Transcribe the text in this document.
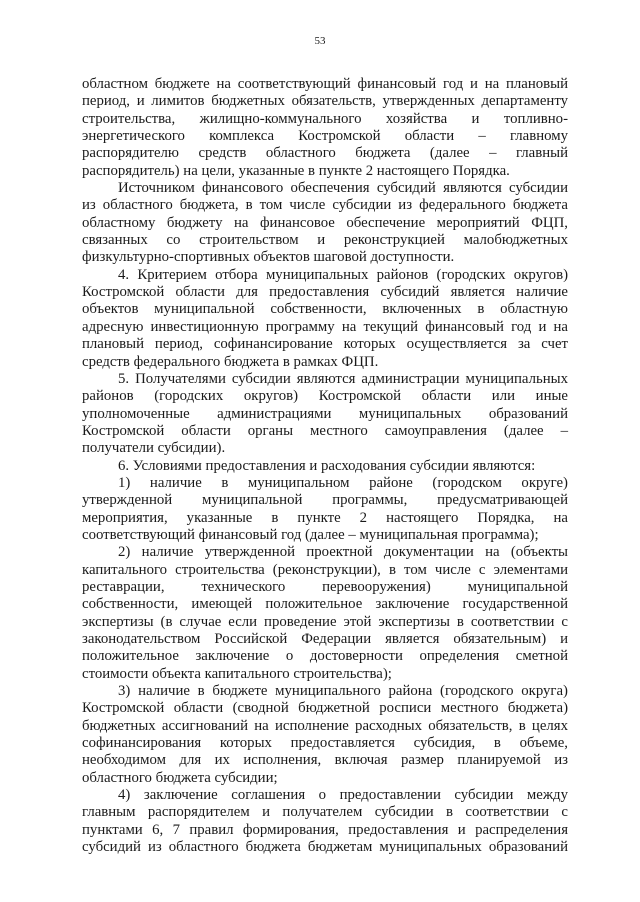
53
областном бюджете на соответствующий финансовый год и на плановый
период, и лимитов бюджетных обязательств, утвержденных департаменту
строительства, жилищно-коммунального хозяйства и топливно-
энергетического комплекса Костромской области – главному
распорядителю средств областного бюджета (далее – главный
распорядитель) на цели, указанные в пункте 2 настоящего Порядка.
Источником финансового обеспечения субсидий являются субсидии
из областного бюджета, в том числе субсидии из федерального бюджета
областному бюджету на финансовое обеспечение мероприятий ФЦП,
связанных со строительством и реконструкцией малобюджетных
физкультурно-спортивных объектов шаговой доступности.
4. Критерием отбора муниципальных районов (городских округов)
Костромской области для предоставления субсидий является наличие
объектов муниципальной собственности, включенных в областную
адресную инвестиционную программу на текущий финансовый год и на
плановый период, софинансирование которых осуществляется за счет
средств федерального бюджета в рамках ФЦП.
5. Получателями субсидии являются администрации муниципальных
районов (городских округов) Костромской области или иные
уполномоченные администрациями муниципальных образований
Костромской области органы местного самоуправления (далее –
получатели субсидии).
6. Условиями предоставления и расходования субсидии являются:
1) наличие в муниципальном районе (городском округе)
утвержденной муниципальной программы, предусматривающей
мероприятия, указанные в пункте 2 настоящего Порядка, на
соответствующий финансовый год (далее – муниципальная программа);
2) наличие утвержденной проектной документации на (объекты
капитального строительства (реконструкции), в том числе с элементами
реставрации, технического перевооружения) муниципальной
собственности, имеющей положительное заключение государственной
экспертизы (в случае если проведение этой экспертизы в соответствии с
законодательством Российской Федерации является обязательным) и
положительное заключение о достоверности определения сметной
стоимости объекта капитального строительства);
3) наличие в бюджете муниципального района (городского округа)
Костромской области (сводной бюджетной росписи местного бюджета)
бюджетных ассигнований на исполнение расходных обязательств, в целях
софинансирования которых предоставляется субсидия, в объеме,
необходимом для их исполнения, включая размер планируемой из
областного бюджета субсидии;
4) заключение соглашения о предоставлении субсидии между
главным распорядителем и получателем субсидии в соответствии с
пунктами 6, 7 правил формирования, предоставления и распределения
субсидий из областного бюджета бюджетам муниципальных образований
